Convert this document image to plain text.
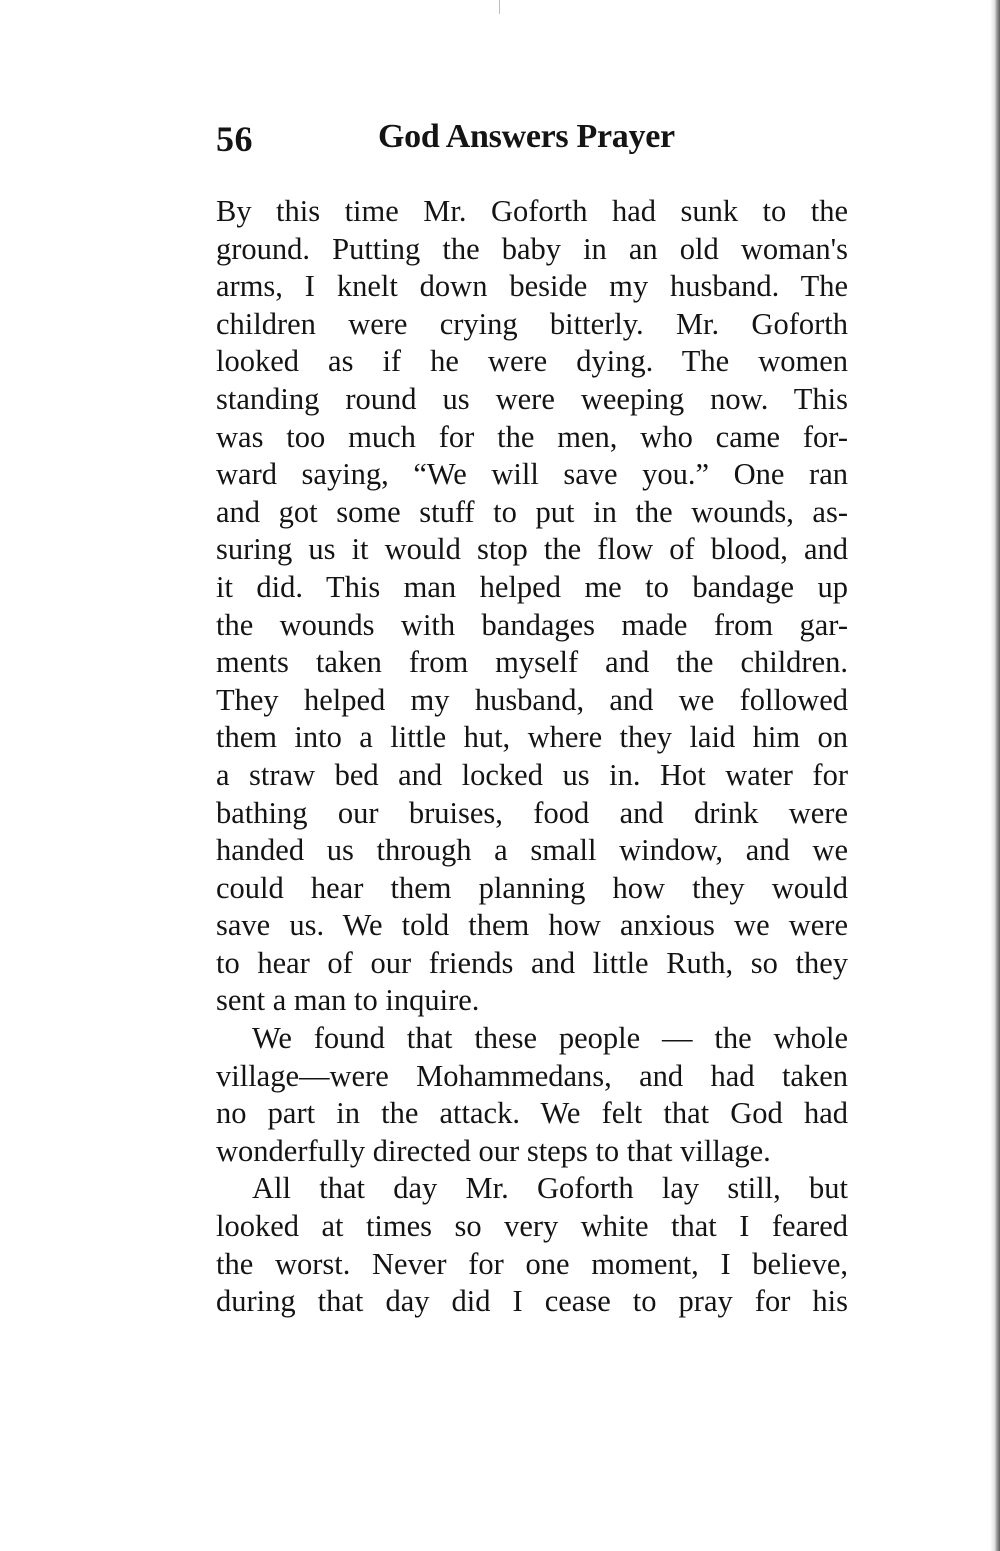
56	God Answers Prayer
By this time Mr. Goforth had sunk to the
ground. Putting the baby in an old woman's
arms, I knelt down beside my husband. The
children were crying bitterly. Mr. Goforth
looked as if he were dying. The women
standing round us were weeping now. This
was too much for the men, who came for-
ward saying, “We will save you.” One ran
and got some stuff to put in the wounds, as-
suring us it would stop the flow of blood, and
it did. This man helped me to bandage up
the wounds with bandages made from gar-
ments taken from myself and the children.
They helped my husband, and we followed
them into a little hut, where they laid him on
a straw bed and locked us in. Hot water for
bathing our bruises, food and drink were
handed us through a small window, and we
could hear them planning how they would
save us. We told them how anxious we were
to hear of our friends and little Ruth, so they
sent a man to inquire.
We found that these people — the whole
village—were Mohammedans, and had taken
no part in the attack. We felt that God had
wonderfully directed our steps to that village.
All that day Mr. Goforth lay still, but
looked at times so very white that I feared
the worst. Never for one moment, I believe,
during that day did I cease to pray for his
